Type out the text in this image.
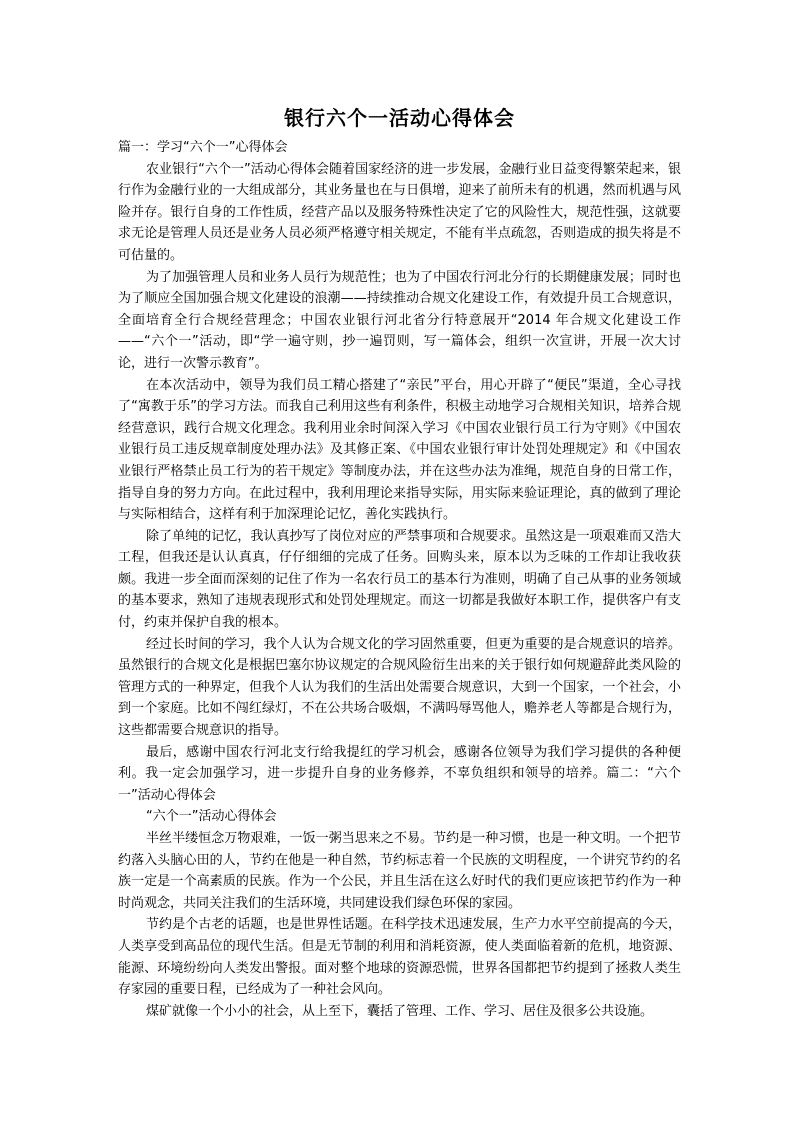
银行六个一活动心得体会

篇一：学习“六个一”心得体会

农业银行“六个一”活动心得体会随着国家经济的进一步发展，金融行业日益变得繁荣起来，银行作为金融行业的一大组成部分，其业务量也在与日俱增，迎来了前所未有的机遇，然而机遇与风险并存。银行自身的工作性质，经营产品以及服务特殊性决定了它的风险性大，规范性强，这就要求无论是管理人员还是业务人员必须严格遵守相关规定，不能有半点疏忽，否则造成的损失将是不可估量的。

为了加强管理人员和业务人员行为规范性；也为了中国农行河北分行的长期健康发展；同时也为了顺应全国加强合规文化建设的浪潮——持续推动合规文化建设工作，有效提升员工合规意识，全面培育全行合规经营理念；中国农业银行河北省分行特意展开“2014 年合规文化建设工作——“六个一”活动，即“学一遍守则，抄一遍罚则，写一篇体会，组织一次宣讲，开展一次大讨论，进行一次警示教育”。

在本次活动中，领导为我们员工精心搭建了“亲民”平台，用心开辟了“便民”渠道，全心寻找了“寓教于乐”的学习方法。而我自己利用这些有利条件，积极主动地学习合规相关知识，培养合规经营意识，践行合规文化理念。我利用业余时间深入学习《中国农业银行员工行为守则》《中国农业银行员工违反规章制度处理办法》及其修正案、《中国农业银行审计处罚处理规定》和《中国农业银行严格禁止员工行为的若干规定》等制度办法，并在这些办法为准绳，规范自身的日常工作，指导自身的努力方向。在此过程中，我利用理论来指导实际，用实际来验证理论，真的做到了理论与实际相结合，这样有利于加深理论记忆，善化实践执行。

除了单纯的记忆，我认真抄写了岗位对应的严禁事项和合规要求。虽然这是一项艰难而又浩大工程，但我还是认认真真，仔仔细细的完成了任务。回购头来，原本以为乏味的工作却让我收获颇。我进一步全面而深刻的记住了作为一名农行员工的基本行为准则，明确了自己从事的业务领域的基本要求，熟知了违规表现形式和处罚处理规定。而这一切都是我做好本职工作，提供客户有支付，约束并保护自我的根本。

经过长时间的学习，我个人认为合规文化的学习固然重要，但更为重要的是合规意识的培养。虽然银行的合规文化是根据巴塞尔协议规定的合规风险衍生出来的关于银行如何规避辞此类风险的管理方式的一种界定，但我个人认为我们的生活出处需要合规意识，大到一个国家，一个社会，小到一个家庭。比如不闯红绿灯，不在公共场合吸烟，不满吗辱骂他人，赡养老人等都是合规行为，这些都需要合规意识的指导。

最后，感谢中国农行河北支行给我提红的学习机会，感谢各位领导为我们学习提供的各种便利。我一定会加强学习，进一步提升自身的业务修养，不辜负组织和领导的培养。篇二：“六个一”活动心得体会

“六个一”活动心得体会

半丝半缕恒念万物艰难，一饭一粥当思来之不易。节约是一种习惯，也是一种文明。一个把节约落入头脑心田的人，节约在他是一种自然，节约标志着一个民族的文明程度，一个讲究节约的名族一定是一个高素质的民族。作为一个公民，并且生活在这么好时代的我们更应该把节约作为一种时尚观念，共同关注我们的生活环境，共同建设我们绿色环保的家园。

节约是个古老的话题，也是世界性话题。在科学技术迅速发展，生产力水平空前提高的今天，人类享受到高品位的现代生活。但是无节制的利用和消耗资源，使人类面临着新的危机，地资源、能源、环境纷纷向人类发出警报。面对整个地球的资源恐慌，世界各国都把节约提到了拯救人类生存家园的重要日程，已经成为了一种社会风向。

煤矿就像一个小小的社会，从上至下，囊括了管理、工作、学习、居住及很多公共设施。
